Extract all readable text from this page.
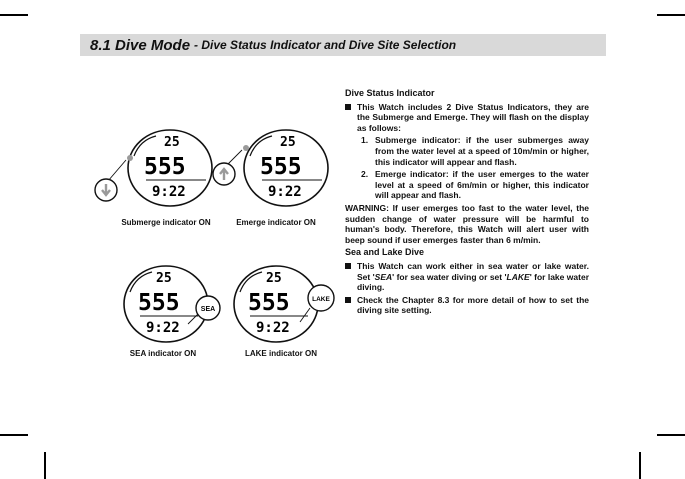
8.1 Dive Mode - Dive Status Indicator and Dive Site Selection
25
555
9:22
Submerge indicator ON
25
555
9:22
Emerge indicator ON
SEA
25
555
9:22
SEA indicator ON
LAKE
25
555
9:22
LAKE indicator ON
Dive Status Indicator
This Watch includes 2 Dive Status Indicators, they are the Submerge and Emerge. They will flash on the display as follows:
1. Submerge indicator: if the user submerges away from the water level at a speed of 10m/min or higher, this indicator will appear and flash.
2. Emerge indicator: if the user emerges to the water level at a speed of 6m/min or higher, this indicator will appear and flash.

WARNING: If user emerges too fast to the water level, the sudden change of water pressure will be harmful to human's body. Therefore, this Watch will alert user with beep sound if user emerges faster than 6 m/min.

Sea and Lake Dive
This Watch can work either in sea water or lake water. Set 'SEA' for sea water diving or set 'LAKE' for lake water diving.
Check the Chapter 8.3 for more detail of how to set the diving site setting.
